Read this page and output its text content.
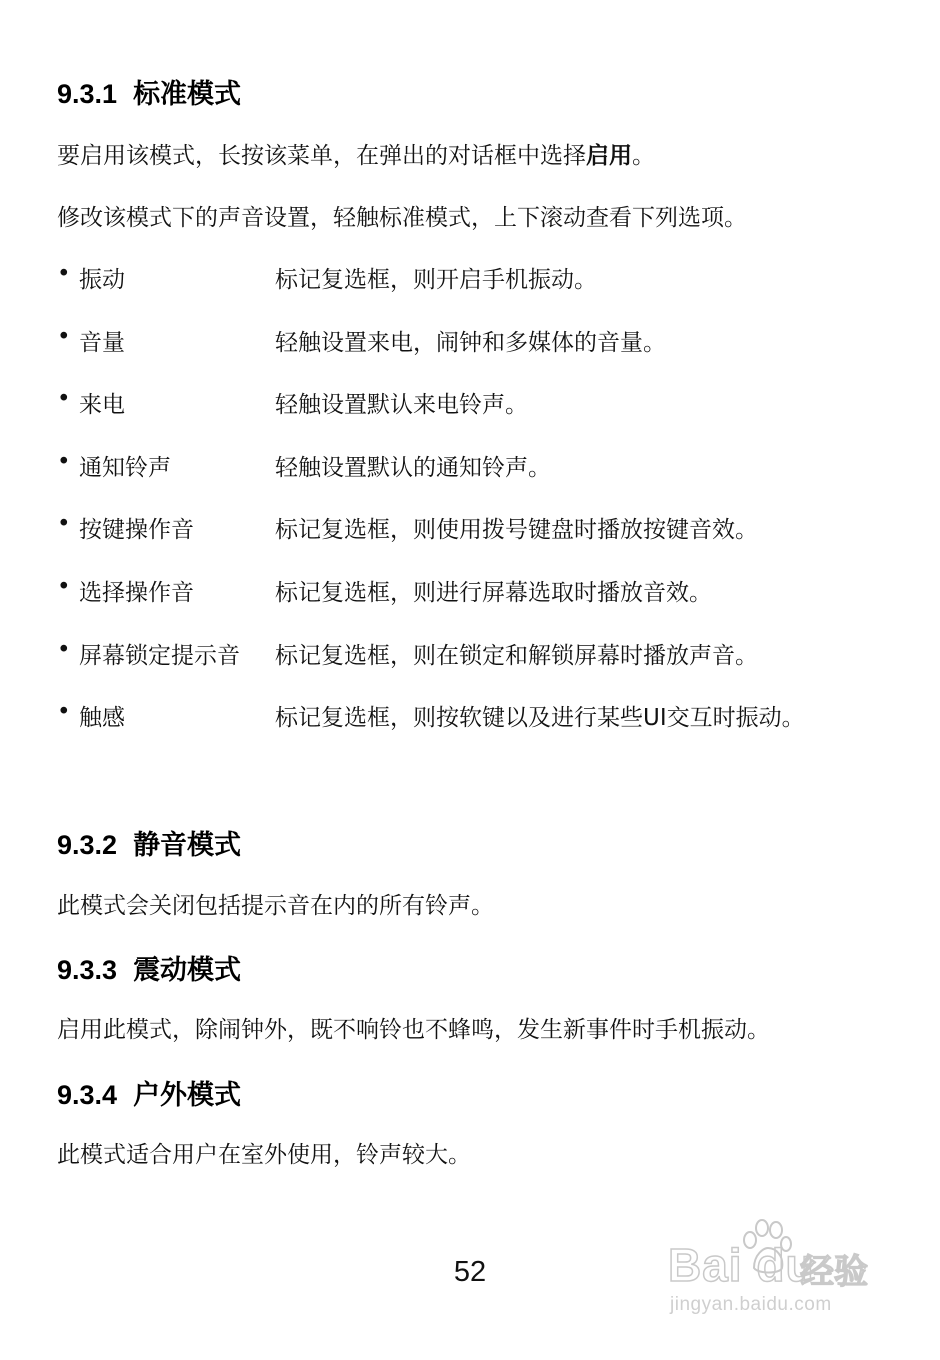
9.3.1 标准模式
要启用该模式，长按该菜单，在弹出的对话框中选择启用。
修改该模式下的声音设置，轻触标准模式，上下滚动查看下列选项。
• 振动	标记复选框，则开启手机振动。
• 音量	轻触设置来电，闹钟和多媒体的音量。
• 来电	轻触设置默认来电铃声。
• 通知铃声	轻触设置默认的通知铃声。
• 按键操作音	标记复选框，则使用拨号键盘时播放按键音效。
• 选择操作音	标记复选框，则进行屏幕选取时播放音效。
• 屏幕锁定提示音 标记复选框，则在锁定和解锁屏幕时播放声音。
• 触感	标记复选框，则按软键以及进行某些UI交互时振动。
9.3.2 静音模式
此模式会关闭包括提示音在内的所有铃声。
9.3.3 震动模式
启用此模式，除闹钟外，既不响铃也不蜂鸣，发生新事件时手机振动。
9.3.4 户外模式
此模式适合用户在室外使用，铃声较大。
52	Bai du
经验
jingyan.baidu.com
